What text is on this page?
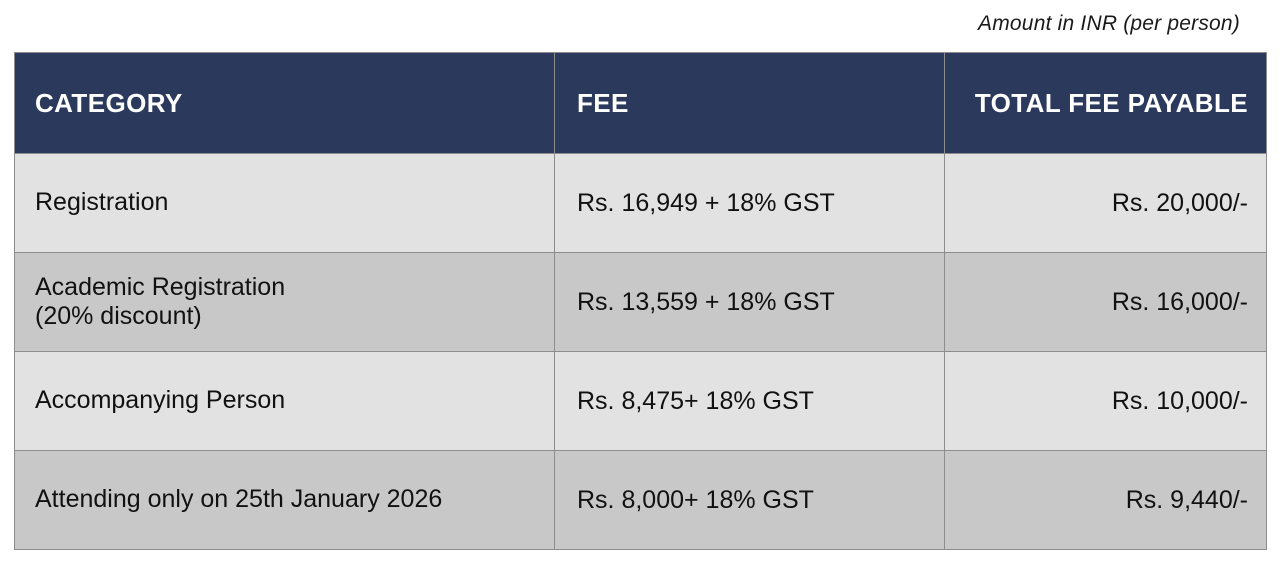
Amount in INR (per person)
CATEGORY	FEE	TOTAL FEE PAYABLE
Registration	Rs. 16,949 + 18% GST	Rs. 20,000/-
Academic Registration
(20% discount)	Rs. 13,559 + 18% GST	Rs. 16,000/-
Accompanying Person	Rs. 8,475+ 18% GST	Rs. 10,000/-
Attending only on 25th January 2026	Rs. 8,000+ 18% GST	Rs. 9,440/-
